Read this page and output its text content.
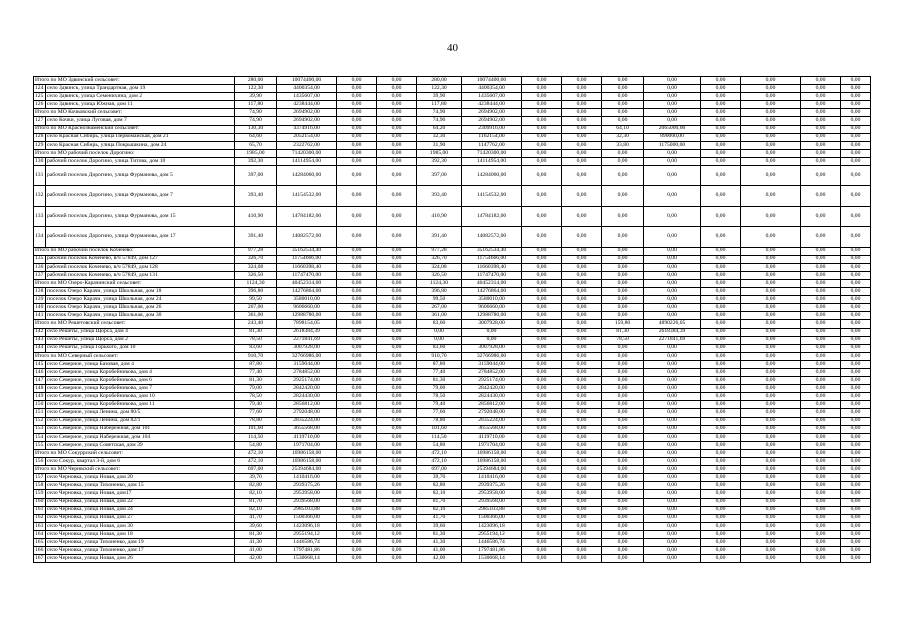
40
Итого по МО Здвинский сельсовет:		280,00	10074400,00	0,00	0,00	280,00	10074400,00	0,00	0,00	0,00	0,00	0,00	0,00	0,00	0,00
124	село Здвинск, улица Трандартная, дом 19	122,30	4400354,00	0,00	0,00	122,30	4400354,00	0,00	0,00	0,00	0,00	0,00	0,00	0,00	0,00
125	село Здвинск, улица Семенихина, дом 2	39,90	1435607,00	0,00	0,00	39,90	1435607,00	0,00	0,00	0,00	0,00	0,00	0,00	0,00	0,00
126	село Здвинск, улица Южная, дом 11	117,80	4238444,00	0,00	0,00	117,80	4238444,00	0,00	0,00	0,00	0,00	0,00	0,00	0,00	0,00
Итого по МО Кочковский сельсовет:		74,90	2694902,00	0,00	0,00	74,90	2694902,00	0,00	0,00	0,00	0,00	0,00	0,00	0,00	0,00
127	село Кочки, улица Луговая, дом 7	74,90	2694902,00	0,00	0,00	74,90	2694902,00	0,00	0,00	0,00	0,00	0,00	0,00	0,00	0,00
Итого по МО Краснознаменский сельсовет:		130,30	4374916,00	0,00	0,00	64,20	2309916,00	0,00	0,00	64,10	2065000,00	0,00	0,00	0,00	0,00
128	село Красная Сибирь, улица Первомайская, дом 21	64,60	2052154,00	0,00	0,00	32,30	1162154,00	0,00	0,00	32,30	890000,00	0,00	0,00	0,00	0,00
129	село Красная Сибирь, улица Покрышкина, дом 24	65,70	2322762,00	0,00	0,00	31,90	1147762,00	0,00	0,00	33,80	1175000,00	0,00	0,00	0,00	0,00
Итого по МО рабочий поселок Дорогино:		1985,00	71420300,00	0,00	0,00	1985,00	71420300,00	0,00	0,00	0,00	0,00	0,00	0,00	0,00	0,00
130	рабочий поселок Дорогино, улица Титова, дом 10	392,30	14114954,00	0,00	0,00	392,30	14114954,00	0,00	0,00	0,00	0,00	0,00	0,00	0,00	0,00
131	рабочий поселок Дорогино, улица Фурманова, дом 5	397,00	14284060,00	0,00	0,00	397,00	14284060,00	0,00	0,00	0,00	0,00	0,00	0,00	0,00	0,00
132	рабочий поселок Дорогино, улица Фурманова, дом 7	393,40	14154532,00	0,00	0,00	393,40	14154532,00	0,00	0,00	0,00	0,00	0,00	0,00	0,00	0,00
133	рабочий поселок Дорогино, улица Фурманова, дом 15	410,90	14784182,00	0,00	0,00	410,90	14784182,00	0,00	0,00	0,00	0,00	0,00	0,00	0,00	0,00
134	рабочий поселок Дорогино, улица Фурманова, дом 17	391,40	14082572,00	0,00	0,00	391,40	14082572,00	0,00	0,00	0,00	0,00	0,00	0,00	0,00	0,00
Итого по МО рабочий поселок Коченево:		977,28	35162534,40	0,00	0,00	977,28	35162534,40	0,00	0,00	0,00	0,00	0,00	0,00	0,00	0,00
135	рабочий поселок Коченево, в/ч 57849, дом 127	326,70	11754666,00	0,00	0,00	326,70	11754666,00	0,00	0,00	0,00	0,00	0,00	0,00	0,00	0,00
136	рабочий поселок Коченево, в/ч 57849, дом 128	324,08	11660398,40	0,00	0,00	324,08	11660398,40	0,00	0,00	0,00	0,00	0,00	0,00	0,00	0,00
137	рабочий поселок Коченево, в/ч 57849, дом 131	326,50	11747470,00	0,00	0,00	326,50	11747470,00	0,00	0,00	0,00	0,00	0,00	0,00	0,00	0,00
Итого по МО Озеро-Карачинский сельсовет:		1124,30	40452314,00	0,00	0,00	1124,30	40452314,00	0,00	0,00	0,00	0,00	0,00	0,00	0,00	0,00
138	поселок Озеро Карачи, улица Школьная, дом 18	396,80	14276864,00	0,00	0,00	396,80	14276864,00	0,00	0,00	0,00	0,00	0,00	0,00	0,00	0,00
139	поселок Озеро Карачи, улица Школьная, дом 24	99,50	3580010,00	0,00	0,00	99,50	3580010,00	0,00	0,00	0,00	0,00	0,00	0,00	0,00	0,00
140	поселок Озеро Карачи, улица Школьная, дом 26	267,00	9606660,00	0,00	0,00	267,00	9606660,00	0,00	0,00	0,00	0,00	0,00	0,00	0,00	0,00
141	поселок Озеро Карачи, улица Школьная, дом 30	361,00	12988780,00	0,00	0,00	361,00	12988780,00	0,00	0,00	0,00	0,00	0,00	0,00	0,00	0,00
Итого по МО Решетовский сельсовет:		243,40	7898154,05	0,00	0,00	83,60	3007928,00	0,00	0,00	159,80	4890226,05	0,00	0,00	0,00	0,00
142	село Решеты, улица Щорса, дом 4	81,30	2618384,39	0,00	0,00	0,00	0,00	0,00	0,00	81,30	2618384,39	0,00	0,00	0,00	0,00
143	село Решеты, улица Щорса, дом 2	78,50	2271841,69	0,00	0,00	0,00	0,00	0,00	0,00	78,50	2271841,69	0,00	0,00	0,00	0,00
144	село Решеты, улица Горького, дом 10	83,60	3007928,00	0,00	0,00	83,60	3007928,00	0,00	0,00	0,00	0,00	0,00	0,00	0,00	0,00
Итого по МО Северный сельсовет:		910,70	32766986,00	0,00	0,00	910,70	32766986,00	0,00	0,00	0,00	0,00	0,00	0,00	0,00	0,00
145	село Северное, улица Базовая, дом 4	87,80	3159044,00	0,00	0,00	87,80	3159044,00	0,00	0,00	0,00	0,00	0,00	0,00	0,00	0,00
146	село Северное, улица Коробейникова, дом 4	77,40	2784852,00	0,00	0,00	77,40	2784852,00	0,00	0,00	0,00	0,00	0,00	0,00	0,00	0,00
147	село Северное, улица Коробейникова, дом 6	81,30	2925174,00	0,00	0,00	81,30	2925174,00	0,00	0,00	0,00	0,00	0,00	0,00	0,00	0,00
148	село Северное, улица Коробейникова, дом 7	79,00	2842420,00	0,00	0,00	79,00	2842420,00	0,00	0,00	0,00	0,00	0,00	0,00	0,00	0,00
149	село Северное, улица Коробейникова, дом 10	78,50	2824430,00	0,00	0,00	78,50	2824430,00	0,00	0,00	0,00	0,00	0,00	0,00	0,00	0,00
150	село Северное, улица Коробейникова, дом 11	79,40	2856812,00	0,00	0,00	79,40	2856812,00	0,00	0,00	0,00	0,00	0,00	0,00	0,00	0,00
151	село Северное, улица Ленина, дом 80/5	77,60	2792048,00	0,00	0,00	77,60	2792048,00	0,00	0,00	0,00	0,00	0,00	0,00	0,00	0,00
152	село Северное, улица Ленина, дом 82/1	78,80	2835224,00	0,00	0,00	78,80	2835224,00	0,00	0,00	0,00	0,00	0,00	0,00	0,00	0,00
153	село Северное, улица Набережная, дом 101	101,60	3655568,00	0,00	0,00	101,60	3655568,00	0,00	0,00	0,00	0,00	0,00	0,00	0,00	0,00
154	село Северное, улица Набережная, дом 104	114,50	4119710,00	0,00	0,00	114,50	4119710,00	0,00	0,00	0,00	0,00	0,00	0,00	0,00	0,00
155	село Северное, улица Советская, дом 39	54,80	1971704,00	0,00	0,00	54,80	1971704,00	0,00	0,00	0,00	0,00	0,00	0,00	0,00	0,00
Итого по МО Сокуррский сельсовет:		472,10	16986158,00	0,00	0,00	472,10	16986158,00	0,00	0,00	0,00	0,00	0,00	0,00	0,00	0,00
156	село Сокур, квартал 3-й, дом 6	472,10	16986158,00	0,00	0,00	472,10	16986158,00	0,00	0,00	0,00	0,00	0,00	0,00	0,00	0,00
Итого по МО Чернвский сельсовет:		697,00	25394684,00	0,00	0,00	697,00	25394684,00	0,00	0,00	0,00	0,00	0,00	0,00	0,00	0,00
157	село Черновка, улица Новая, дом 20	39,70	1410416,00	0,00	0,00	39,70	1410416,00	0,00	0,00	0,00	0,00	0,00	0,00	0,00	0,00
158	село Черновка, улица Тихоненко, дом 15	82,80	2939375,26	0,00	0,00	82,80	2939375,26	0,00	0,00	0,00	0,00	0,00	0,00	0,00	0,00
159	село Черновка, улица Новая, дом17	82,10	2953958,00	0,00	0,00	82,10	2953958,00	0,00	0,00	0,00	0,00	0,00	0,00	0,00	0,00
160	село Черновка, улица Новая, дом 22	81,70	2939568,00	0,00	0,00	81,70	2939568,00	0,00	0,00	0,00	0,00	0,00	0,00	0,00	0,00
161	село Черновка, улица Новая, дом 24	82,10	2985103,88	0,00	0,00	82,10	2985103,88	0,00	0,00	0,00	0,00	0,00	0,00	0,00	0,00
162	село Черновка, улица Новая, дом 27	41,70	1500366,00	0,00	0,00	41,70	1500366,00	0,00	0,00	0,00	0,00	0,00	0,00	0,00	0,00
163	село Черновка, улица Новая, дом 30	39,60	1423096,18	0,00	0,00	39,60	1423096,18	0,00	0,00	0,00	0,00	0,00	0,00	0,00	0,00
164	село Черновка, улица Новая, дом 18	81,30	2955194,12	0,00	0,00	81,30	2955194,12	0,00	0,00	0,00	0,00	0,00	0,00	0,00	0,00
165	село Черновка, улица Тихоненко, дом 19	41,30	1446586,74	0,00	0,00	41,30	1446586,74	0,00	0,00	0,00	0,00	0,00	0,00	0,00	0,00
166	село Черновка, улица Тихоненко, дом 17	41,00	1797481,86	0,00	0,00	41,00	1797481,86	0,00	0,00	0,00	0,00	0,00	0,00	0,00	0,00
167	село Черновка, улица Новая, дом 26	42,00	1530668,14	0,00	0,00	42,00	1530668,14	0,00	0,00	0,00	0,00	0,00	0,00	0,00	0,00
